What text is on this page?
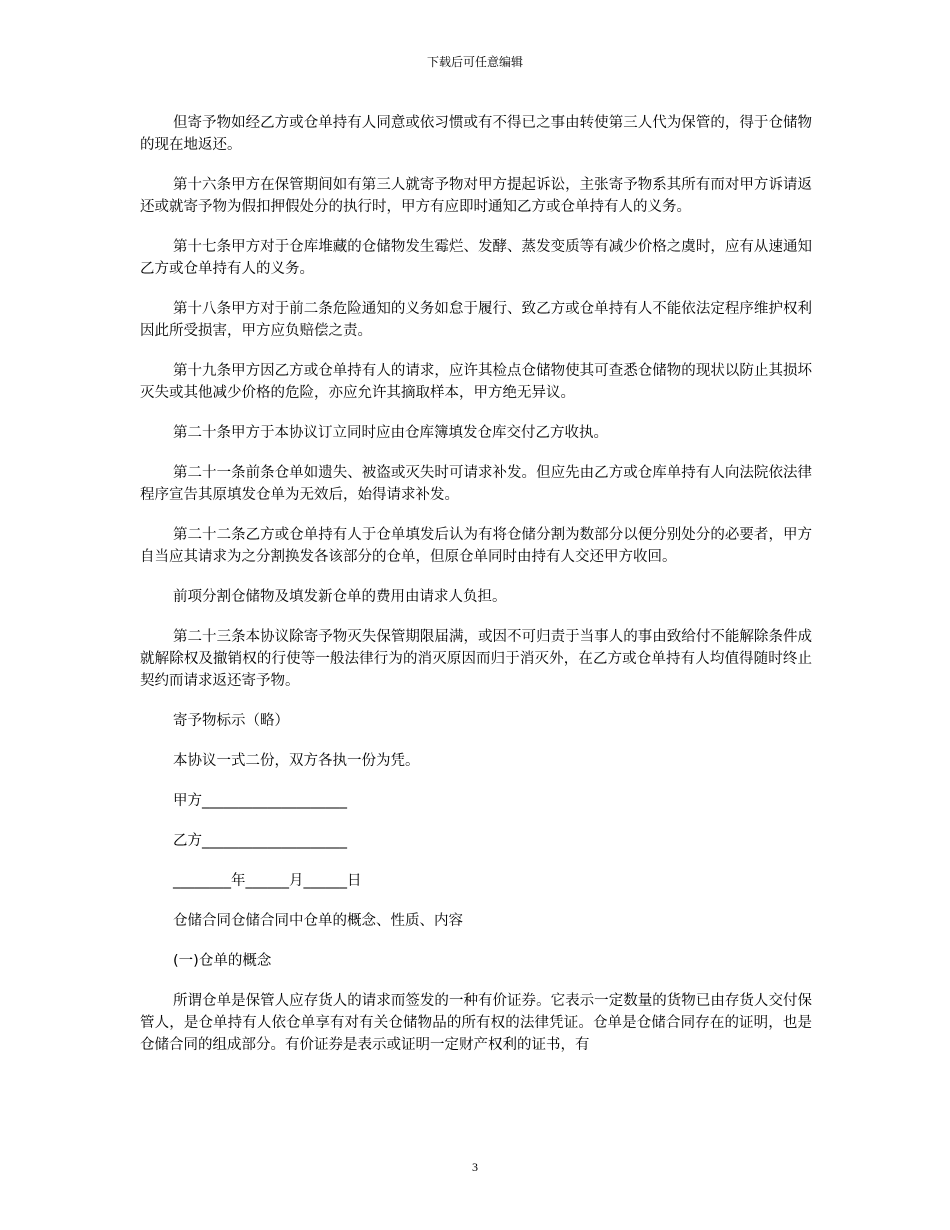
下载后可任意编辑

但寄予物如经乙方或仓单持有人同意或依习惯或有不得已之事由转使第三人代为保管的，得于仓储物的现在地返还。

第十六条甲方在保管期间如有第三人就寄予物对甲方提起诉讼，主张寄予物系其所有而对甲方诉请返还或就寄予物为假扣押假处分的执行时，甲方有应即时通知乙方或仓单持有人的义务。

第十七条甲方对于仓库堆藏的仓储物发生霉烂、发酵、蒸发变质等有减少价格之虞时，应有从速通知乙方或仓单持有人的义务。

第十八条甲方对于前二条危险通知的义务如怠于履行、致乙方或仓单持有人不能依法定程序维护权利因此所受损害，甲方应负赔偿之责。

第十九条甲方因乙方或仓单持有人的请求，应许其检点仓储物使其可查悉仓储物的现状以防止其损坏灭失或其他减少价格的危险，亦应允许其摘取样本，甲方绝无异议。

第二十条甲方于本协议订立同时应由仓库簿填发仓库交付乙方收执。

第二十一条前条仓单如遗失、被盗或灭失时可请求补发。但应先由乙方或仓库单持有人向法院依法律程序宣告其原填发仓单为无效后，始得请求补发。

第二十二条乙方或仓单持有人于仓单填发后认为有将仓储分割为数部分以便分别处分的必要者，甲方自当应其请求为之分割换发各该部分的仓单，但原仓单同时由持有人交还甲方收回。

前项分割仓储物及填发新仓单的费用由请求人负担。

第二十三条本协议除寄予物灭失保管期限届满，或因不可归责于当事人的事由致给付不能解除条件成就解除权及撤销权的行使等一般法律行为的消灭原因而归于消灭外，在乙方或仓单持有人均值得随时终止契约而请求返还寄予物。

寄予物标示（略）

本协议一式二份，双方各执一份为凭。

甲方____________________

乙方____________________

________年______月______日

仓储合同仓储合同中仓单的概念、性质、内容

(一)仓单的概念

所谓仓单是保管人应存货人的请求而签发的一种有价证券。它表示一定数量的货物已由存货人交付保管人，是仓单持有人依仓单享有对有关仓储物品的所有权的法律凭证。仓单是仓储合同存在的证明，也是仓储合同的组成部分。有价证券是表示或证明一定财产权利的证书，有

3
